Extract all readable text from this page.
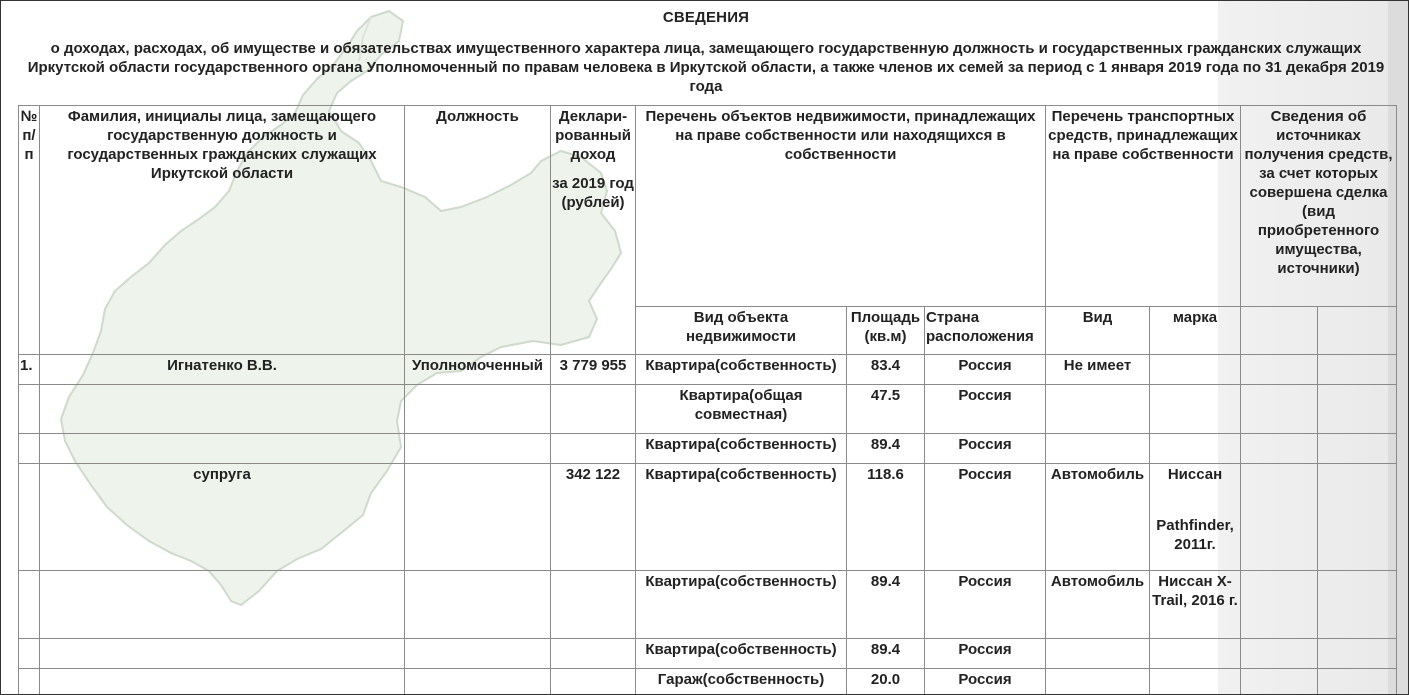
СВЕДЕНИЯ
о доходах, расходах, об имуществе и обязательствах имущественного характера лица, замещающего государственную должность и государственных гражданских служащих Иркутской области государственного органа Уполномоченный по правам человека в Иркутской области, а также членов их семей за период с 1 января 2019 года по 31 декабря 2019 года
№ п/п	Фамилия, инициалы лица, замещающего государственную должность и государственных гражданских служащих Иркутской области	Должность	Деклари-рованный доход
за 2019 год (рублей)	Перечень объектов недвижимости, принадлежащих на праве собственности или находящихся в собственности			Перечень транспортных средств, принадлежащих на праве собственности		Сведения об источниках получения средств, за счет которых совершена сделка (вид приобретенного имущества, источники)	
				Вид объекта недвижимости	Площадь (кв.м)	Страна расположения	Вид	марка		
1.	Игнатенко В.В.	Уполномоченный	3 779 955	Квартира(собственность)	83.4	Россия	Не имеет			
				Квартира(общая совместная)	47.5	Россия				
				Квартира(собственность)	89.4	Россия				
	супруга		342 122	Квартира(собственность)	118.6	Россия	Автомобиль	Ниссан
Pathfinder, 2011г.		

				Квартира(собственность)	89.4	Россия	Автомобиль	Ниссан X-Trail, 2016 г.		
				Квартира(собственность)	89.4	Россия				
				Гараж(собственность)	20.0	Россия				
